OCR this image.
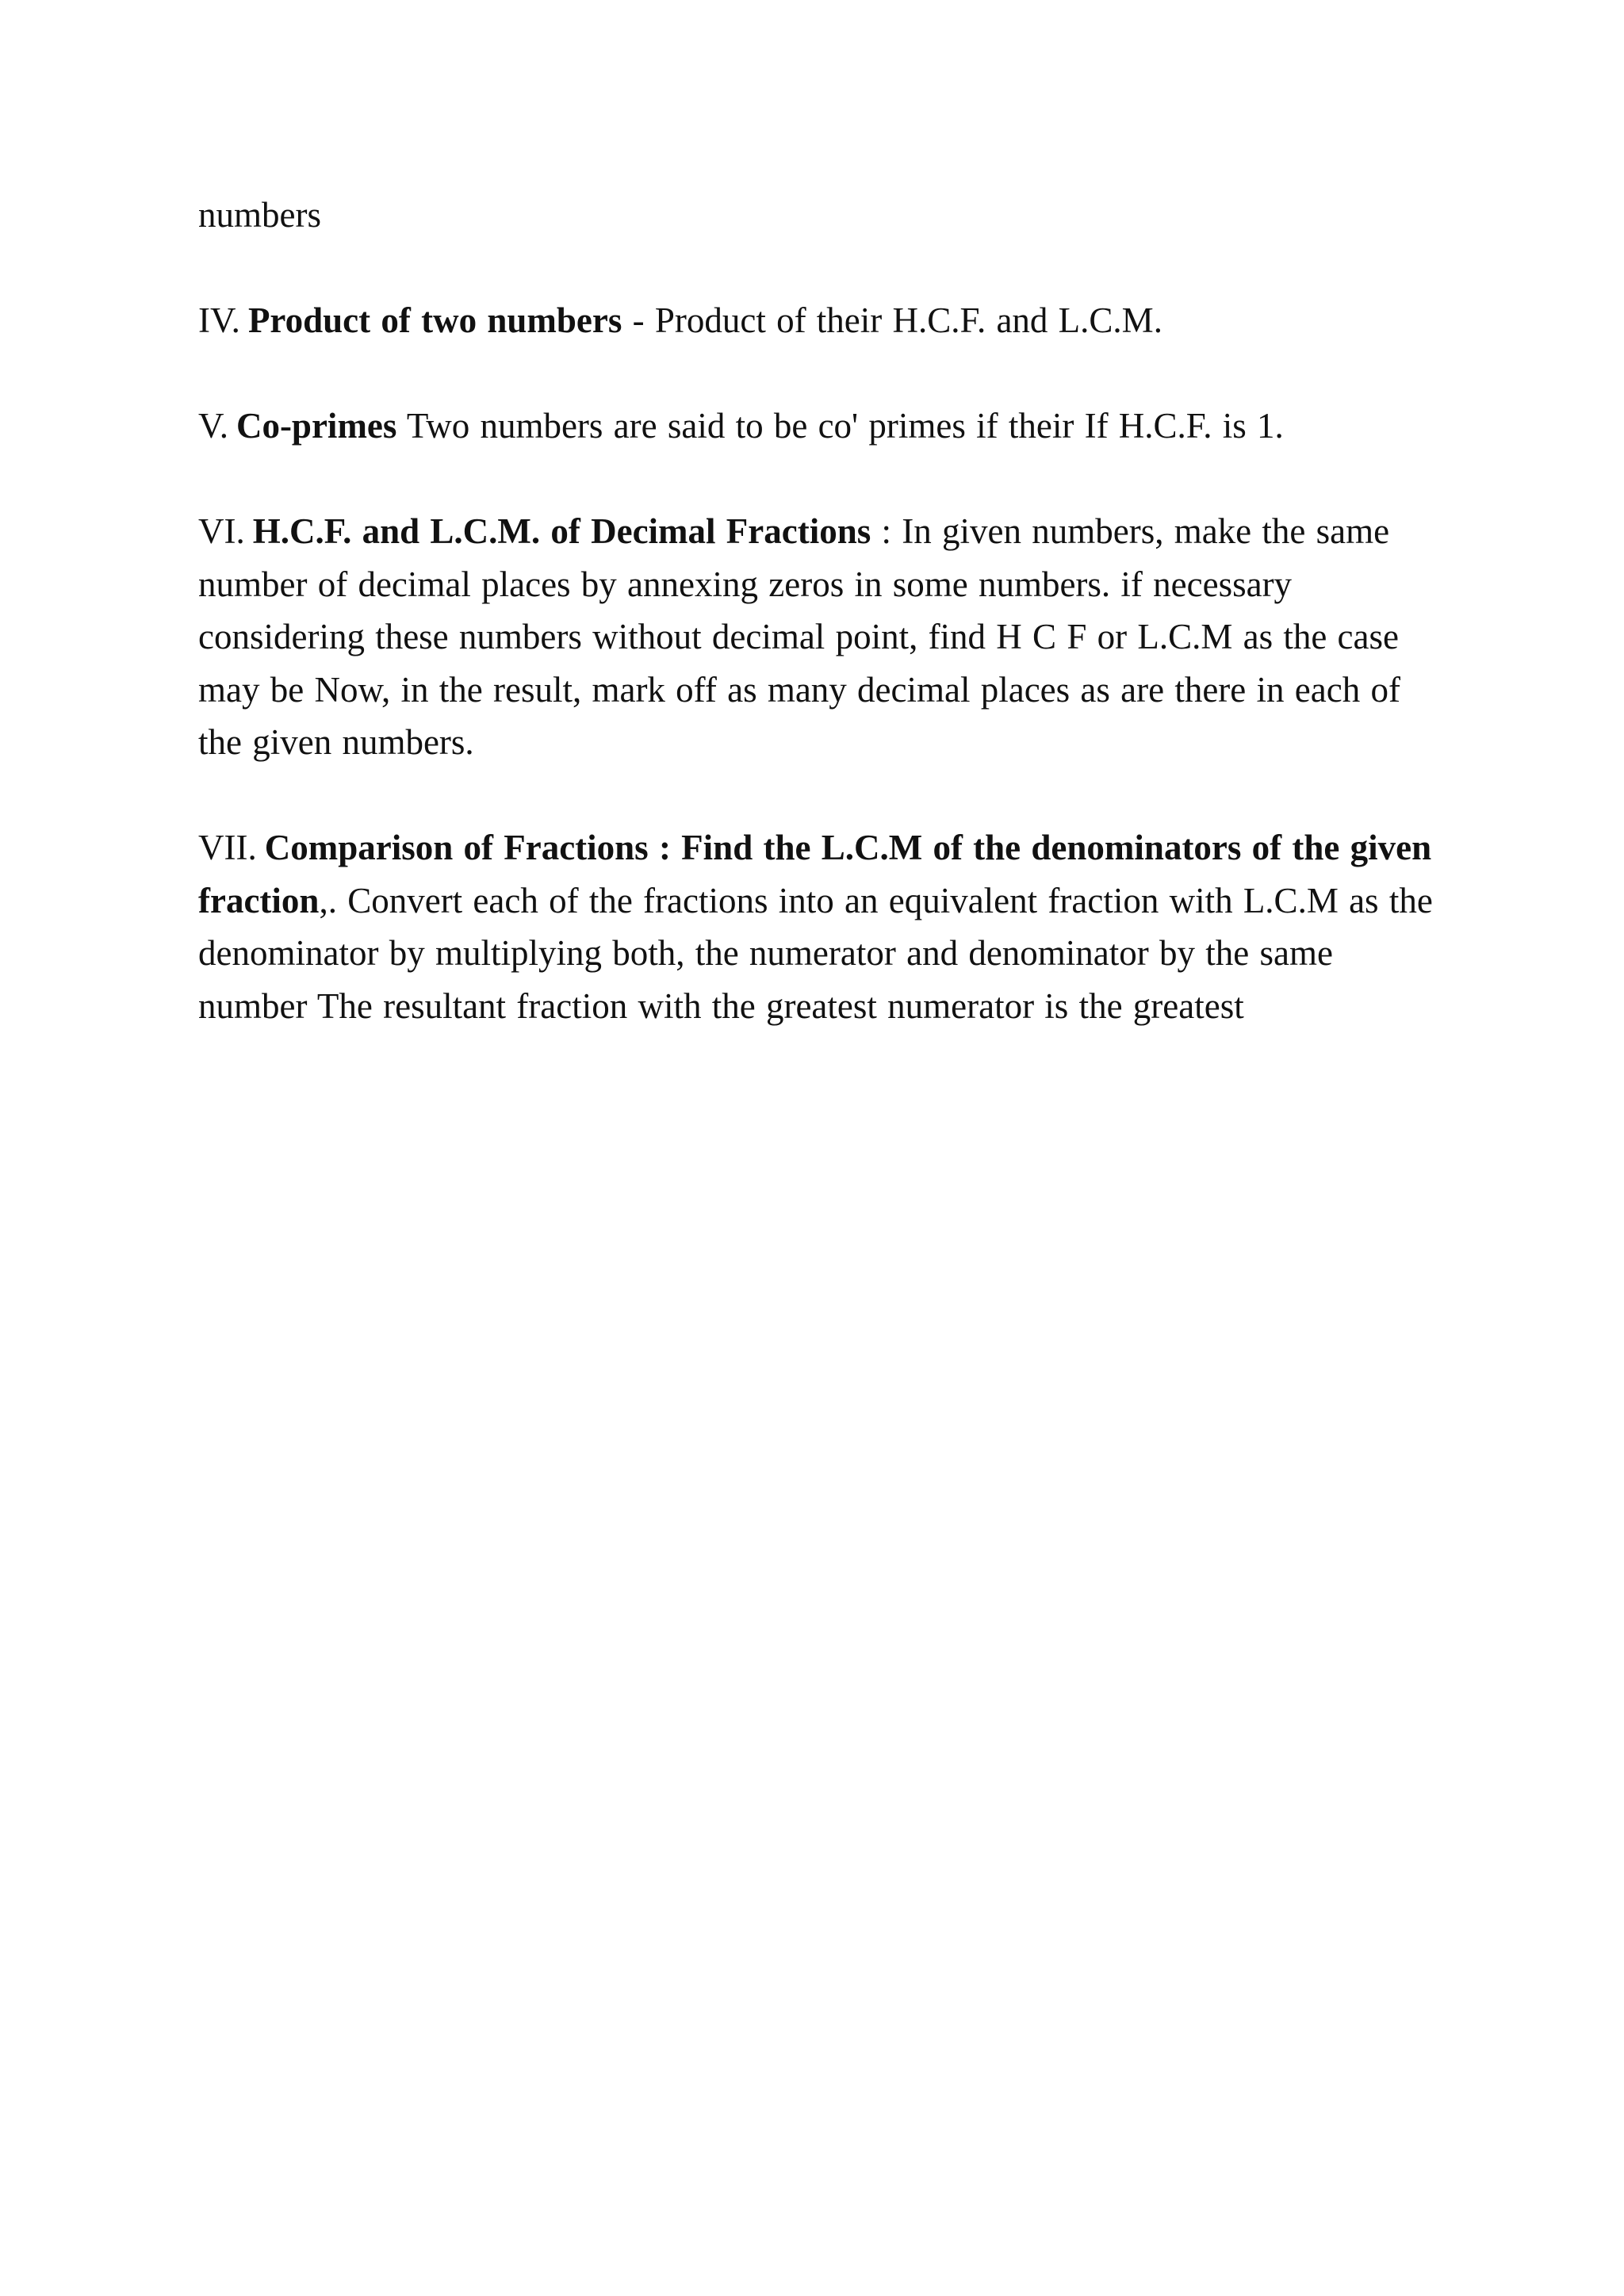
numbers

IV. Product of two numbers - Product of their H.C.F. and L.C.M.

V. Co-primes Two numbers are said to be co' primes if their If H.C.F. is 1.

VI. H.C.F. and L.C.M. of Decimal Fractions : In given numbers, make the same number of decimal places by annexing zeros in some numbers. if necessary considering these numbers without decimal point, find H C F or L.C.M as the case may be Now, in the result, mark off as many decimal places as are there in each of the given numbers.

VII. Comparison of Fractions : Find the L.C.M of the denominators of the given fraction,. Convert each of the fractions into an equivalent fraction with L.C.M as the denominator by multiplying both, the numerator and denominator by the same number The resultant fraction with the greatest numerator is the greatest
